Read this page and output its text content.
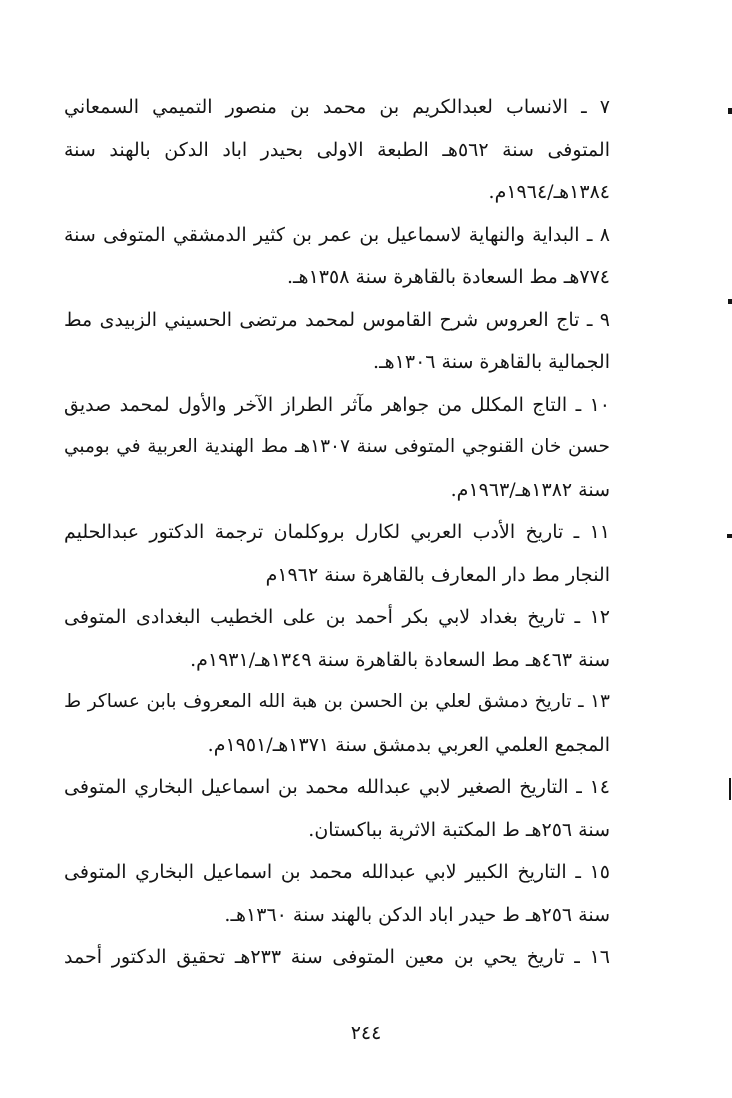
٧ ـ الانساب لعبدالكريم بن محمد بن منصور التميمي السمعاني
المتوفى سنة ٥٦٢هـ الطبعة الاولى بحيدر اباد الدكن بالهند سنة
١٣٨٤هـ/١٩٦٤م.
٨ ـ البداية والنهاية لاسماعيل بن عمر بن كثير الدمشقي المتوفى سنة
٧٧٤هـ مط السعادة بالقاهرة سنة ١٣٥٨هـ.
٩ ـ تاج العروس شرح القاموس لمحمد مرتضى الحسيني الزبيدى مط
الجمالية بالقاهرة سنة ١٣٠٦هـ.
١٠ ـ التاج المكلل من جواهر مآثر الطراز الآخر والأول لمحمد صديق
حسن خان القنوجي المتوفى سنة ١٣٠٧هـ مط الهندية العربية في بومبي
سنة ١٣٨٢هـ/١٩٦٣م.
١١ ـ تاريخ الأدب العربي لكارل بروكلمان ترجمة الدكتور عبدالحليم
النجار مط دار المعارف بالقاهرة سنة ١٩٦٢م
١٢ ـ تاريخ بغداد لابي بكر أحمد بن على الخطيب البغدادى المتوفى
سنة ٤٦٣هـ مط السعادة بالقاهرة سنة ١٣٤٩هـ/١٩٣١م.
١٣ ـ تاريخ دمشق لعلي بن الحسن بن هبة الله المعروف بابن عساكر ط
المجمع العلمي العربي بدمشق سنة ١٣٧١هـ/١٩٥١م.
١٤ ـ التاريخ الصغير لابي عبدالله محمد بن اسماعيل البخاري المتوفى
سنة ٢٥٦هـ ط المكتبة الاثرية بباكستان.
١٥ ـ التاريخ الكبير لابي عبدالله محمد بن اسماعيل البخاري المتوفى
سنة ٢٥٦هـ ط حيدر اباد الدكن بالهند سنة ١٣٦٠هـ.
١٦ ـ تاريخ يحي بن معين المتوفى سنة ٢٣٣هـ تحقيق الدكتور أحمد
٢٤٤
